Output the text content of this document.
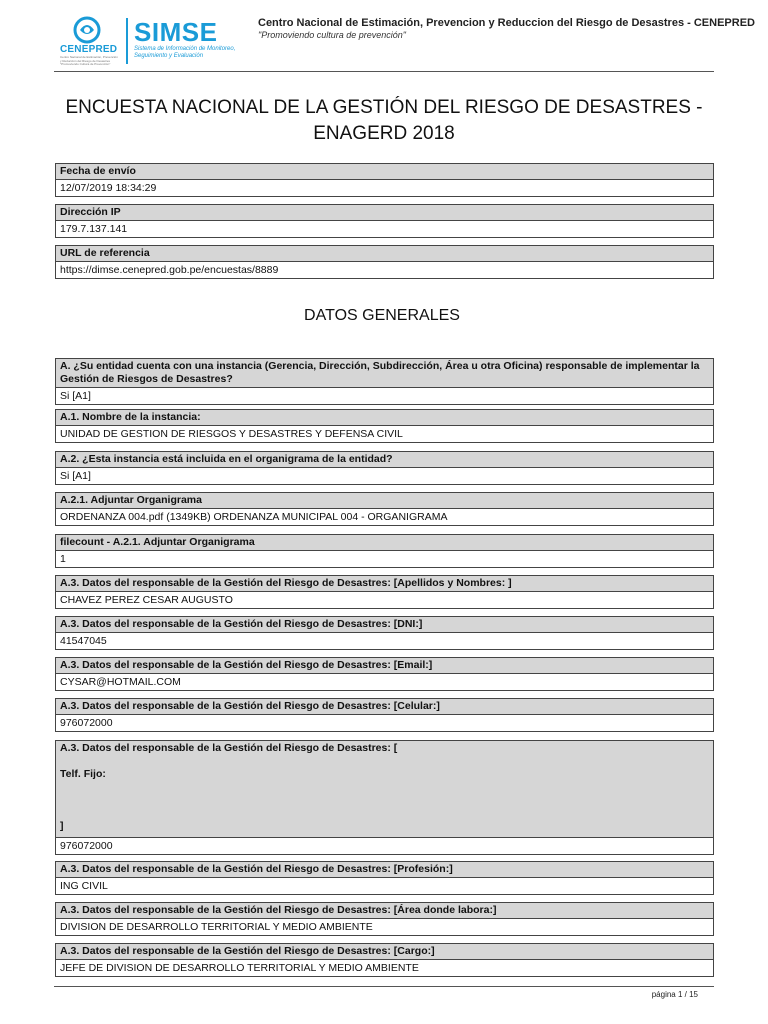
CENEPRED
Centro Nacional de Estimación, Prevención
y Reducción del Riesgo de Desastres
"Promoviendo Cultura de Prevención"
SIMSE
Sistema de Información de Monitoreo,
Seguimiento y Evaluación
Centro Nacional de Estimación, Prevencion y Reduccion del Riesgo de Desastres - CENEPRED
"Promoviendo cultura de prevención"
ENCUESTA NACIONAL DE LA GESTIÓN DEL RIESGO DE DESASTRES -
ENAGERD 2018
Fecha de envío
12/07/2019 18:34:29
Dirección IP
179.7.137.141
URL de referencia
https://dimse.cenepred.gob.pe/encuestas/8889
DATOS GENERALES
A. ¿Su entidad cuenta con una instancia (Gerencia, Dirección, Subdirección, Área u otra Oficina) responsable de implementar la Gestión de Riesgos de Desastres?
Si [A1]
A.1. Nombre de la instancia:
UNIDAD DE GESTION DE RIESGOS Y DESASTRES Y DEFENSA CIVIL
A.2. ¿Esta instancia está incluida en el organigrama de la entidad?
Si [A1]
A.2.1. Adjuntar Organigrama
ORDENANZA 004.pdf (1349KB) ORDENANZA MUNICIPAL 004 - ORGANIGRAMA
filecount - A.2.1. Adjuntar Organigrama
1
A.3. Datos del responsable de la Gestión del Riesgo de Desastres: [Apellidos y Nombres: ]
CHAVEZ PEREZ CESAR AUGUSTO
A.3. Datos del responsable de la Gestión del Riesgo de Desastres: [DNI:]
41547045
A.3. Datos del responsable de la Gestión del Riesgo de Desastres: [Email:]
CYSAR@HOTMAIL.COM
A.3. Datos del responsable de la Gestión del Riesgo de Desastres: [Celular:]
976072000
A.3. Datos del responsable de la Gestión del Riesgo de Desastres: [
Telf. Fijo:
]
976072000
A.3. Datos del responsable de la Gestión del Riesgo de Desastres: [Profesión:]
ING CIVIL
A.3. Datos del responsable de la Gestión del Riesgo de Desastres: [Área donde labora:]
DIVISION DE DESARROLLO TERRITORIAL Y MEDIO AMBIENTE
A.3. Datos del responsable de la Gestión del Riesgo de Desastres: [Cargo:]
JEFE DE DIVISION DE DESARROLLO TERRITORIAL Y MEDIO AMBIENTE
página 1 / 15
